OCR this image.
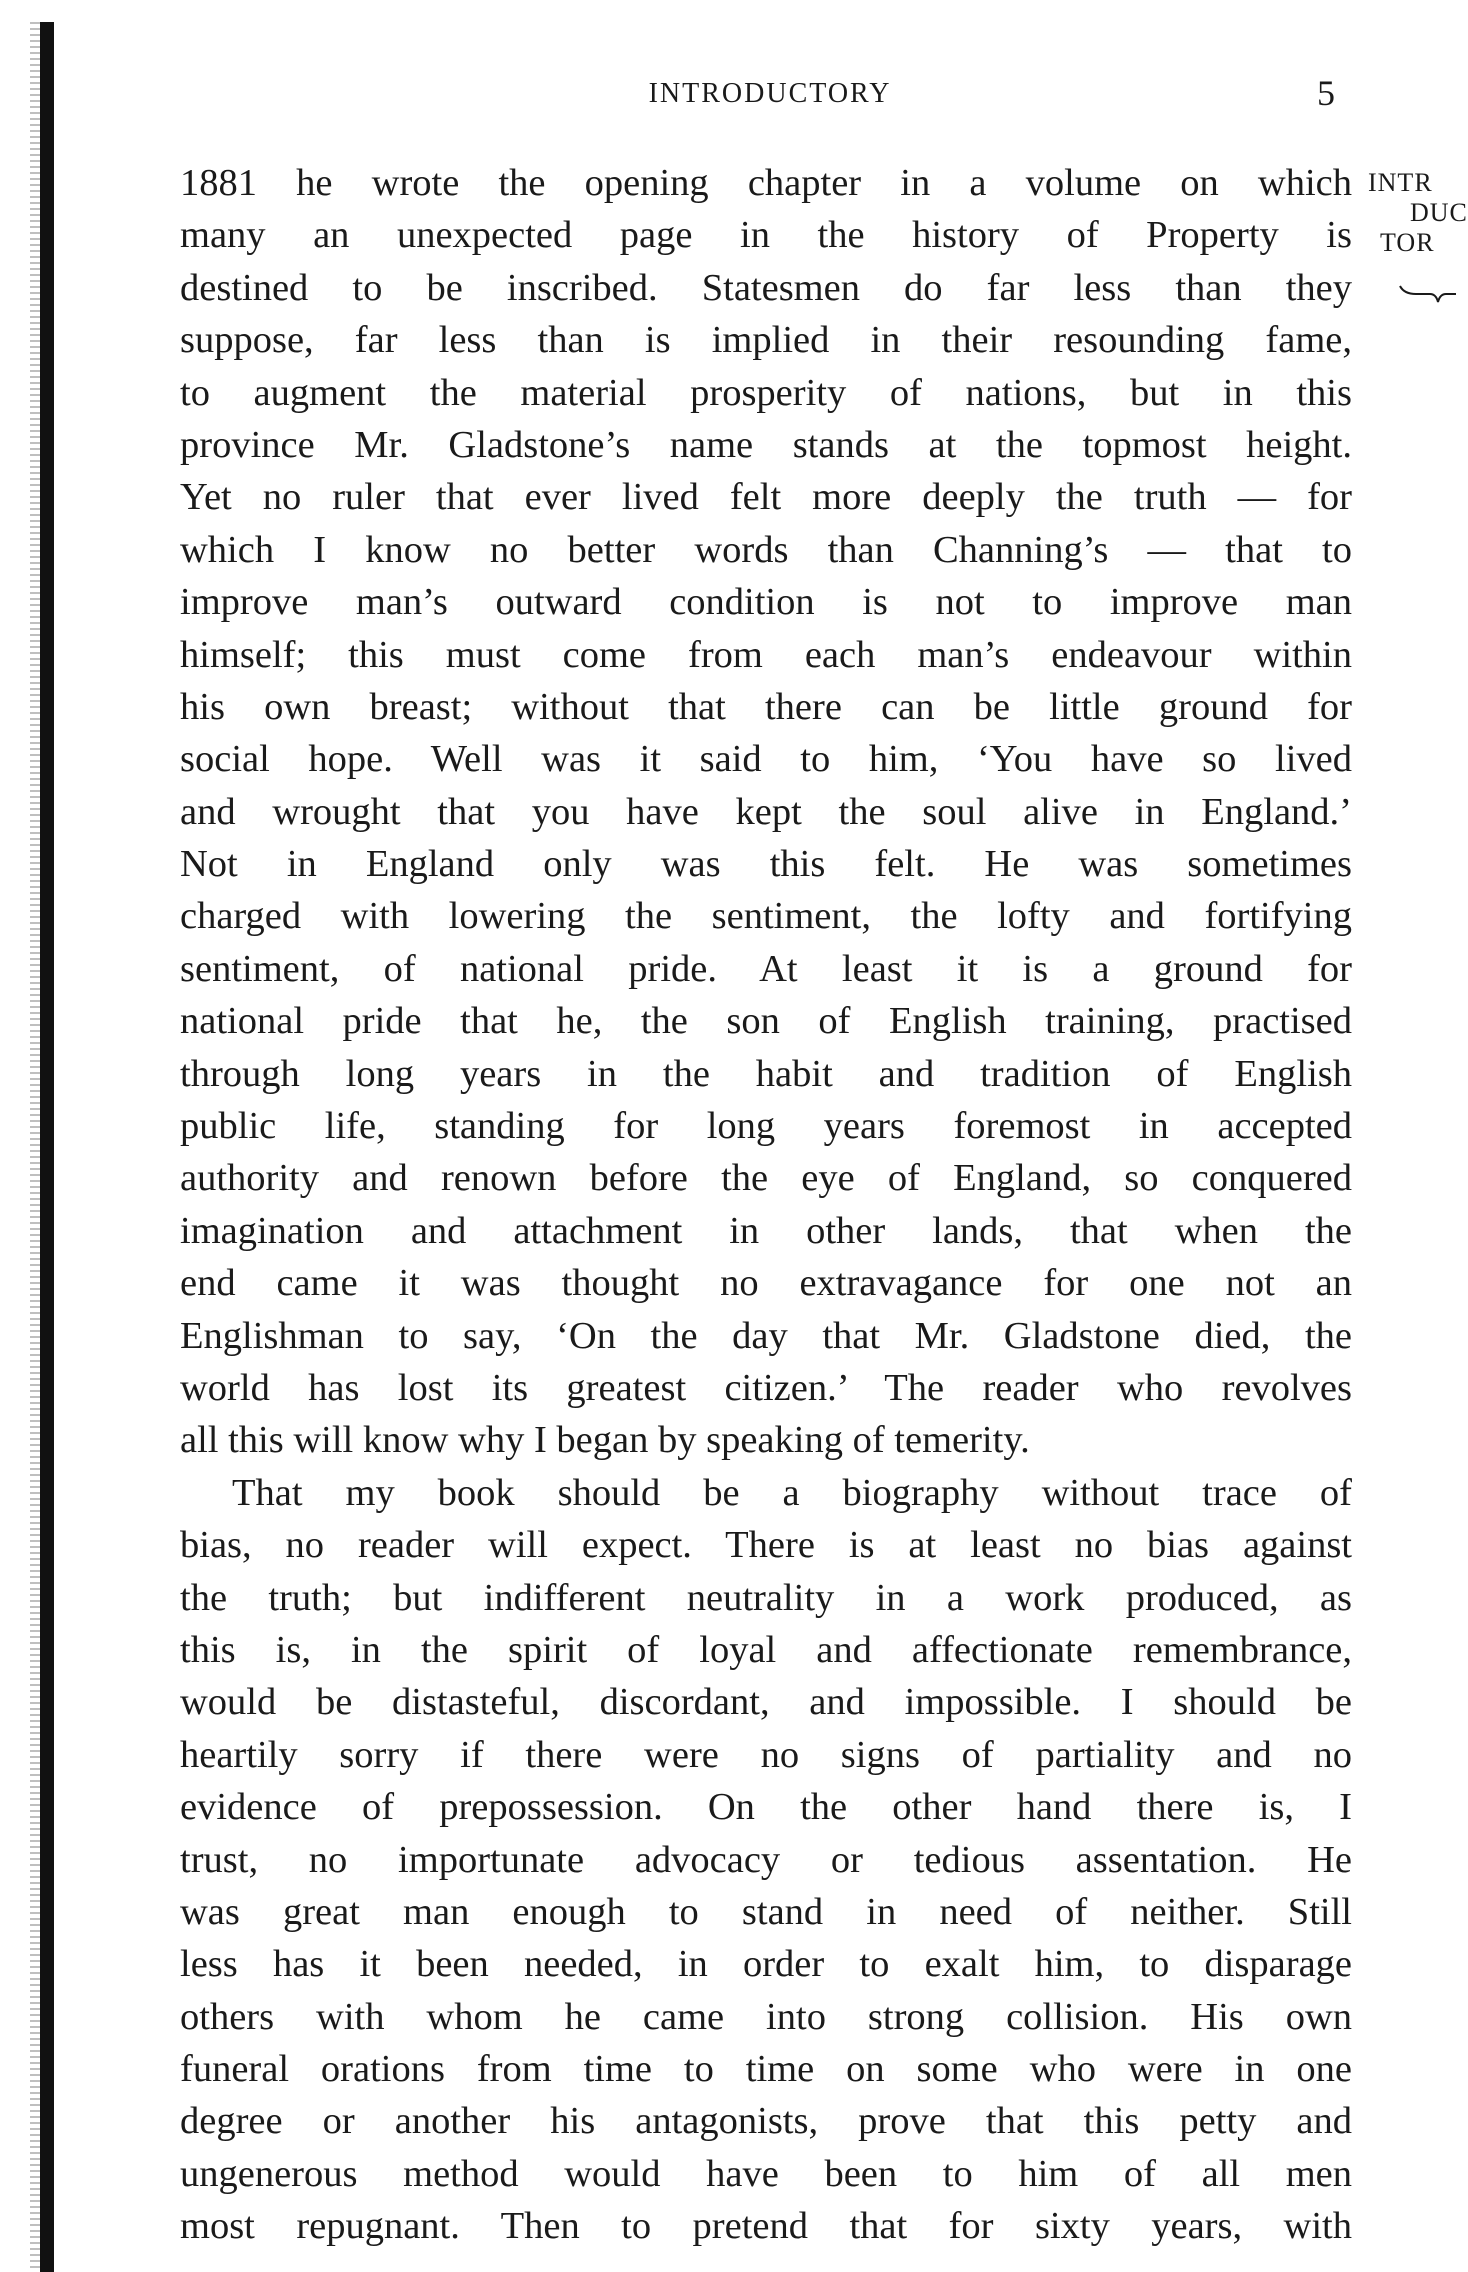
INTRODUCTORY	5
INTR
DUC
TOR
1881 he wrote the opening chapter in a volume on which
many an unexpected page in the history of Property is
destined to be inscribed. Statesmen do far less than they
suppose, far less than is implied in their resounding fame,
to augment the material prosperity of nations, but in this
province Mr. Gladstone’s name stands at the topmost height.
Yet no ruler that ever lived felt more deeply the truth — for
which I know no better words than Channing’s — that to
improve man’s outward condition is not to improve man
himself; this must come from each man’s endeavour within
his own breast; without that there can be little ground for
social hope. Well was it said to him, ‘You have so lived
and wrought that you have kept the soul alive in England.’
Not in England only was this felt. He was sometimes
charged with lowering the sentiment, the lofty and fortifying
sentiment, of national pride. At least it is a ground for
national pride that he, the son of English training, practised
through long years in the habit and tradition of English
public life, standing for long years foremost in accepted
authority and renown before the eye of England, so conquered
imagination and attachment in other lands, that when the
end came it was thought no extravagance for one not an
Englishman to say, ‘On the day that Mr. Gladstone died, the
world has lost its greatest citizen.’ The reader who revolves
all this will know why I began by speaking of temerity.
That my book should be a biography without trace of
bias, no reader will expect. There is at least no bias against
the truth; but indifferent neutrality in a work produced, as
this is, in the spirit of loyal and affectionate remembrance,
would be distasteful, discordant, and impossible. I should be
heartily sorry if there were no signs of partiality and no
evidence of prepossession. On the other hand there is, I
trust, no importunate advocacy or tedious assentation. He
was great man enough to stand in need of neither. Still
less has it been needed, in order to exalt him, to disparage
others with whom he came into strong collision. His own
funeral orations from time to time on some who were in one
degree or another his antagonists, prove that this petty and
ungenerous method would have been to him of all men
most repugnant. Then to pretend that for sixty years, with
